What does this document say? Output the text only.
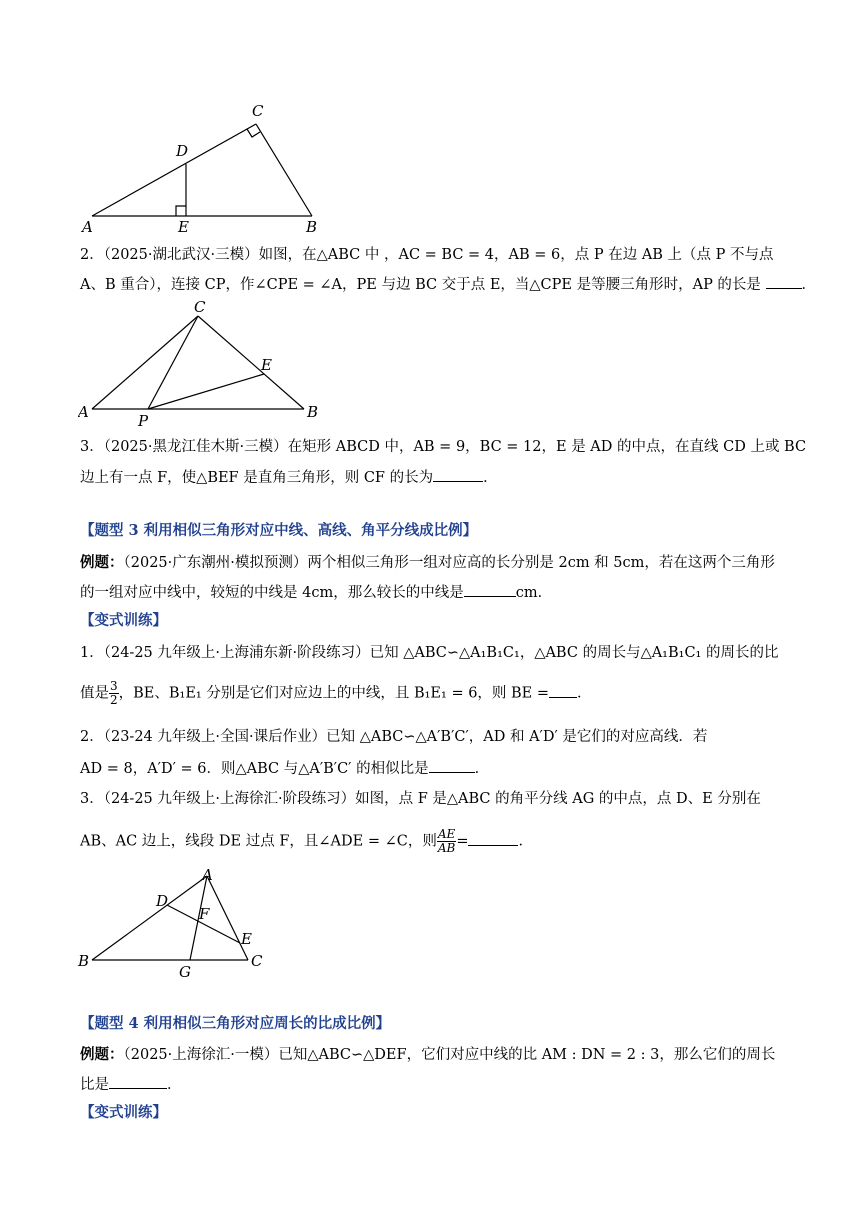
A	B
C
D
E
2．（2025·湖北武汉·三模）如图，在△ABC 中 ，AC = BC = 4，AB = 6，点 P 在边 AB 上（点 P 不与点
A、B 重合），连接 CP，作∠CPE = ∠A，PE 与边 BC 交于点 E，当△CPE 是等腰三角形时，AP 的长是	．
A	B
C
E
P
3．（2025·黑龙江佳木斯·三模）在矩形 ABCD 中，AB = 9，BC = 12，E 是 AD 的中点，在直线 CD 上或 BC
边上有一点 F，使△BEF 是直角三角形，则 CF 的长为	．
【题型 3 利用相似三角形对应中线、高线、角平分线成比例】
例题：（2025·广东潮州·模拟预测）两个相似三角形一组对应高的长分别是 2cm 和 5cm，若在这两个三角形
的一组对应中线中，较短的中线是 4cm，那么较长的中线是	cm．
【变式训练】
1．（24-25 九年级上·上海浦东新·阶段练习）已知 △ABC∽△A₁B₁C₁，△ABC 的周长与△A₁B₁C₁ 的周长的比
值是 $\frac{3}{2}$ ，BE、B₁E₁ 分别是它们对应边上的中线，且 B₁E₁ = 6，则 BE = ．
2．（23-24 九年级上·全国·课后作业）已知 △ABC∽△A′B′C′，AD 和 A′D′ 是它们的对应高线．若
AD = 8，A′D′ = 6．则△ABC 与△A′B′C′ 的相似比是	．
3．（24-25 九年级上·上海徐汇·阶段练习）如图，点 F 是△ABC 的角平分线 AG 的中点，点 D、E 分别在
AB、AC 边上，线段 DE 过点 F，且∠ADE = ∠C，则 $\frac{AE}{AB}$ =	．
A
B	C
D
E
F
G
【题型 4 利用相似三角形对应周长的比成比例】
例题：（2025·上海徐汇·一模）已知△ABC∽△DEF，它们对应中线的比 AM : DN = 2 : 3，那么它们的周长
比是	．
【变式训练】
